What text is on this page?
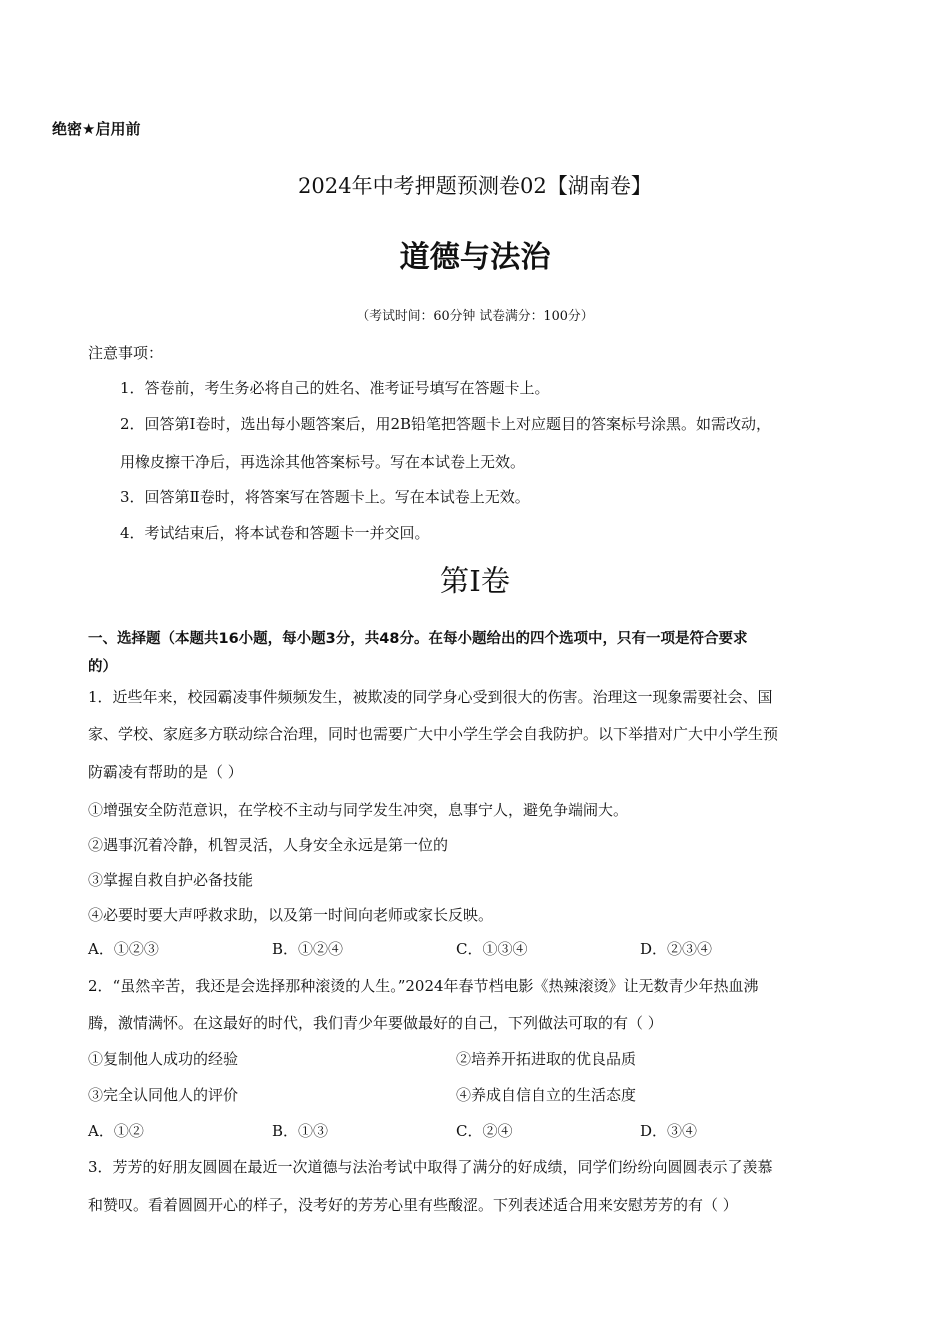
绝密★启用前
2024年中考押题预测卷02【湖南卷】
道德与法治
（考试时间：60分钟 试卷满分：100分）
注意事项：
1．答卷前，考生务必将自己的姓名、准考证号填写在答题卡上。
2．回答第Ⅰ卷时，选出每小题答案后，用2B铅笔把答题卡上对应题目的答案标号涂黑。如需改动，
用橡皮擦干净后，再选涂其他答案标号。写在本试卷上无效。
3．回答第Ⅱ卷时，将答案写在答题卡上。写在本试卷上无效。
4．考试结束后，将本试卷和答题卡一并交回。
第Ⅰ卷
一、选择题（本题共16小题，每小题3分，共48分。在每小题给出的四个选项中，只有一项是符合要求
的）
1．近些年来，校园霸凌事件频频发生，被欺凌的同学身心受到很大的伤害。治理这一现象需要社会、国
家、学校、家庭多方联动综合治理，同时也需要广大中小学生学会自我防护。以下举措对广大中小学生预
防霸凌有帮助的是（ ）
①增强安全防范意识，在学校不主动与同学发生冲突，息事宁人，避免争端闹大。
②遇事沉着冷静，机智灵活，人身安全永远是第一位的
③掌握自救自护必备技能
④必要时要大声呼救求助，以及第一时间向老师或家长反映。
A．①②③	B．①②④	C．①③④	D．②③④
2．“虽然辛苦，我还是会选择那种滚烫的人生。”2024年春节档电影《热辣滚烫》让无数青少年热血沸
腾，激情满怀。在这最好的时代，我们青少年要做最好的自己，下列做法可取的有（ ）
①复制他人成功的经验	②培养开拓进取的优良品质
③完全认同他人的评价	④养成自信自立的生活态度
A．①②	B．①③	C．②④	D．③④
3．芳芳的好朋友圆圆在最近一次道德与法治考试中取得了满分的好成绩，同学们纷纷向圆圆表示了羡慕
和赞叹。看着圆圆开心的样子，没考好的芳芳心里有些酸涩。下列表述适合用来安慰芳芳的有（ ）
